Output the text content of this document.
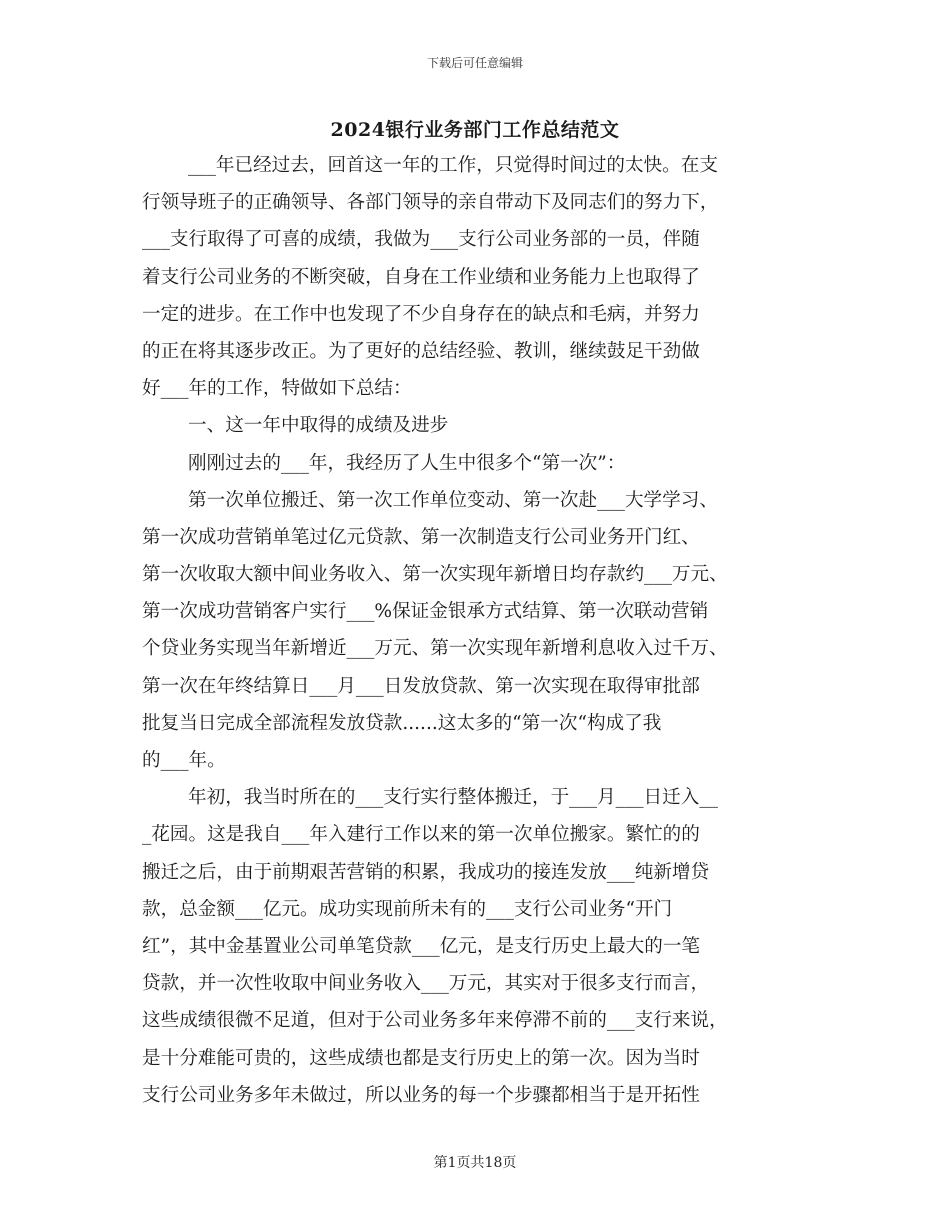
下载后可任意编辑
2024银行业务部门工作总结范文
___年已经过去，回首这一年的工作，只觉得时间过的太快。在支
行领导班子的正确领导、各部门领导的亲自带动下及同志们的努力下，
___支行取得了可喜的成绩，我做为___支行公司业务部的一员，伴随
着支行公司业务的不断突破，自身在工作业绩和业务能力上也取得了
一定的进步。在工作中也发现了不少自身存在的缺点和毛病，并努力
的正在将其逐步改正。为了更好的总结经验、教训，继续鼓足干劲做
好___年的工作，特做如下总结：
一、这一年中取得的成绩及进步
刚刚过去的___年，我经历了人生中很多个“第一次”：
第一次单位搬迁、第一次工作单位变动、第一次赴___大学学习、
第一次成功营销单笔过亿元贷款、第一次制造支行公司业务开门红、
第一次收取大额中间业务收入、第一次实现年新增日均存款约___万元、
第一次成功营销客户实行___%保证金银承方式结算、第一次联动营销
个贷业务实现当年新增近___万元、第一次实现年新增利息收入过千万、
第一次在年终结算日___月___日发放贷款、第一次实现在取得审批部
批复当日完成全部流程发放贷款......这太多的“第一次“构成了我
的___年。
年初，我当时所在的___支行实行整体搬迁，于___月___日迁入__
_花园。这是我自___年入建行工作以来的第一次单位搬家。繁忙的的
搬迁之后，由于前期艰苦营销的积累，我成功的接连发放___纯新增贷
款，总金额___亿元。成功实现前所未有的___支行公司业务“开门
红”，其中金基置业公司单笔贷款___亿元，是支行历史上最大的一笔
贷款，并一次性收取中间业务收入___万元，其实对于很多支行而言，
这些成绩很微不足道，但对于公司业务多年来停滞不前的___支行来说，
是十分难能可贵的，这些成绩也都是支行历史上的第一次。因为当时
支行公司业务多年未做过，所以业务的每一个步骤都相当于是开拓性
第1页共18页
